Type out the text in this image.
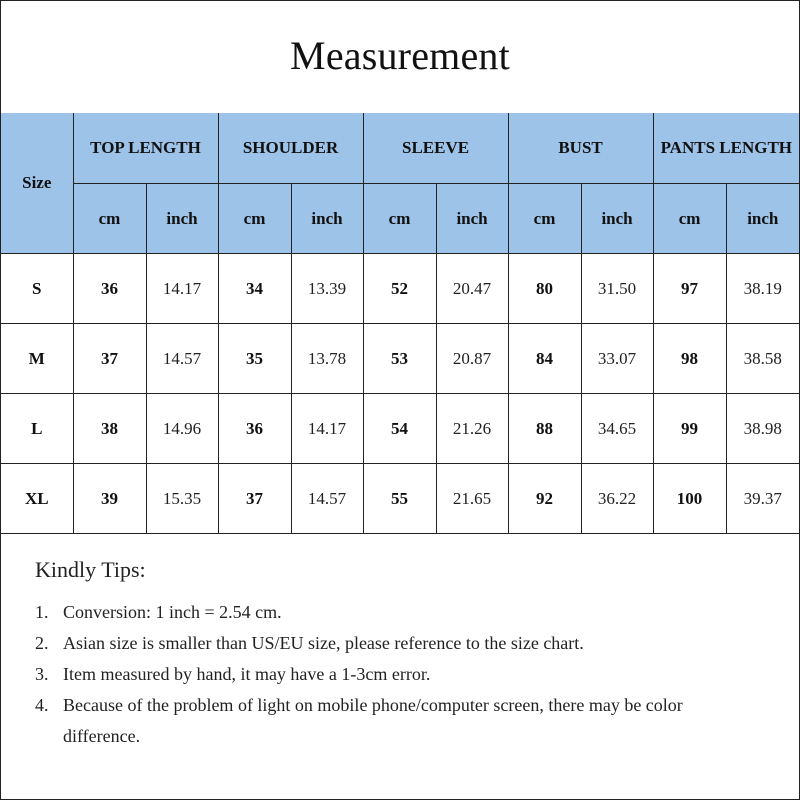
Measurement
Size	TOP LENGTH		SHOULDER		SLEEVE		BUST		PANTS LENGTH	
	cm	inch	cm	inch	cm	inch	cm	inch	cm	inch
S	36	14.17	34	13.39	52	20.47	80	31.50	97	38.19
M	37	14.57	35	13.78	53	20.87	84	33.07	98	38.58
L	38	14.96	36	14.17	54	21.26	88	34.65	99	38.98
XL	39	15.35	37	14.57	55	21.65	92	36.22	100	39.37
Kindly Tips:
1. Conversion: 1 inch = 2.54 cm.
2. Asian size is smaller than US/EU size, please reference to the size chart.
3. Item measured by hand, it may have a 1-3cm error.
4. Because of the problem of light on mobile phone/computer screen, there may be color difference.
